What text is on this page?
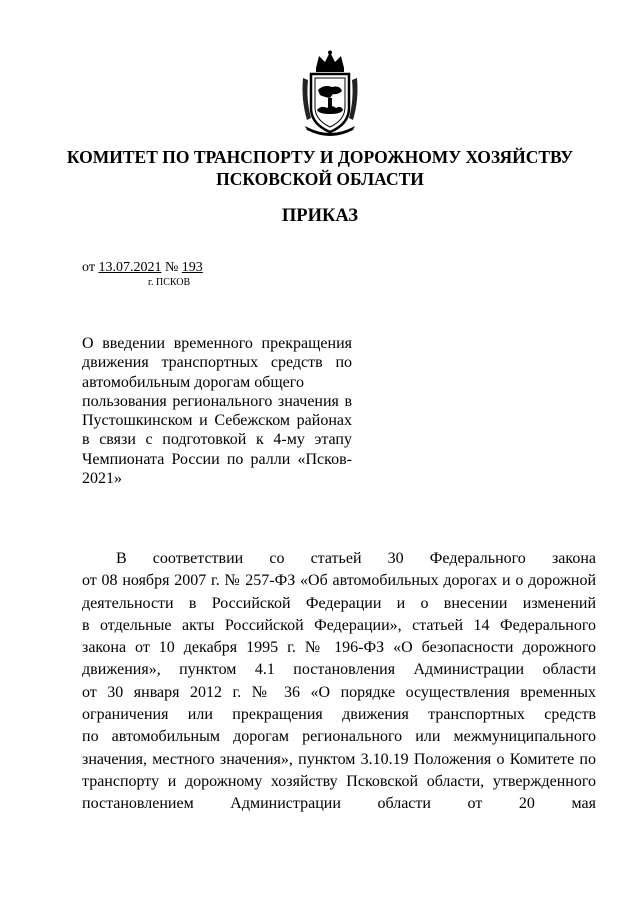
КОМИТЕТ ПО ТРАНСПОРТУ И ДОРОЖНОМУ ХОЗЯЙСТВУ
ПСКОВСКОЙ ОБЛАСТИ
ПРИКАЗ
от 13.07.2021 № 193
г. ПСКОВ
О введении временного прекращения
движения транспортных средств по
автомобильным дорогам общего
пользования регионального значения в
Пустошкинском и Себежском районах
в связи с подготовкой к 4-му этапу
Чемпионата России по ралли «Псков-
2021»
В соответствии со статьей 30 Федерального закона
от 08 ноября 2007 г. № 257-ФЗ «Об автомобильных дорогах и о дорожной
деятельности в Российской Федерации и о внесении изменений
в отдельные акты Российской Федерации», статьей 14 Федерального
закона от 10 декабря 1995 г. № 196-ФЗ «О безопасности дорожного
движения», пунктом 4.1 постановления Администрации области
от 30 января 2012 г. № 36 «О порядке осуществления временных
ограничения или прекращения движения транспортных средств
по автомобильным дорогам регионального или межмуниципального
значения, местного значения», пунктом 3.10.19 Положения о Комитете по
транспорту и дорожному хозяйству Псковской области, утвержденного
постановлением Администрации области от 20 мая
